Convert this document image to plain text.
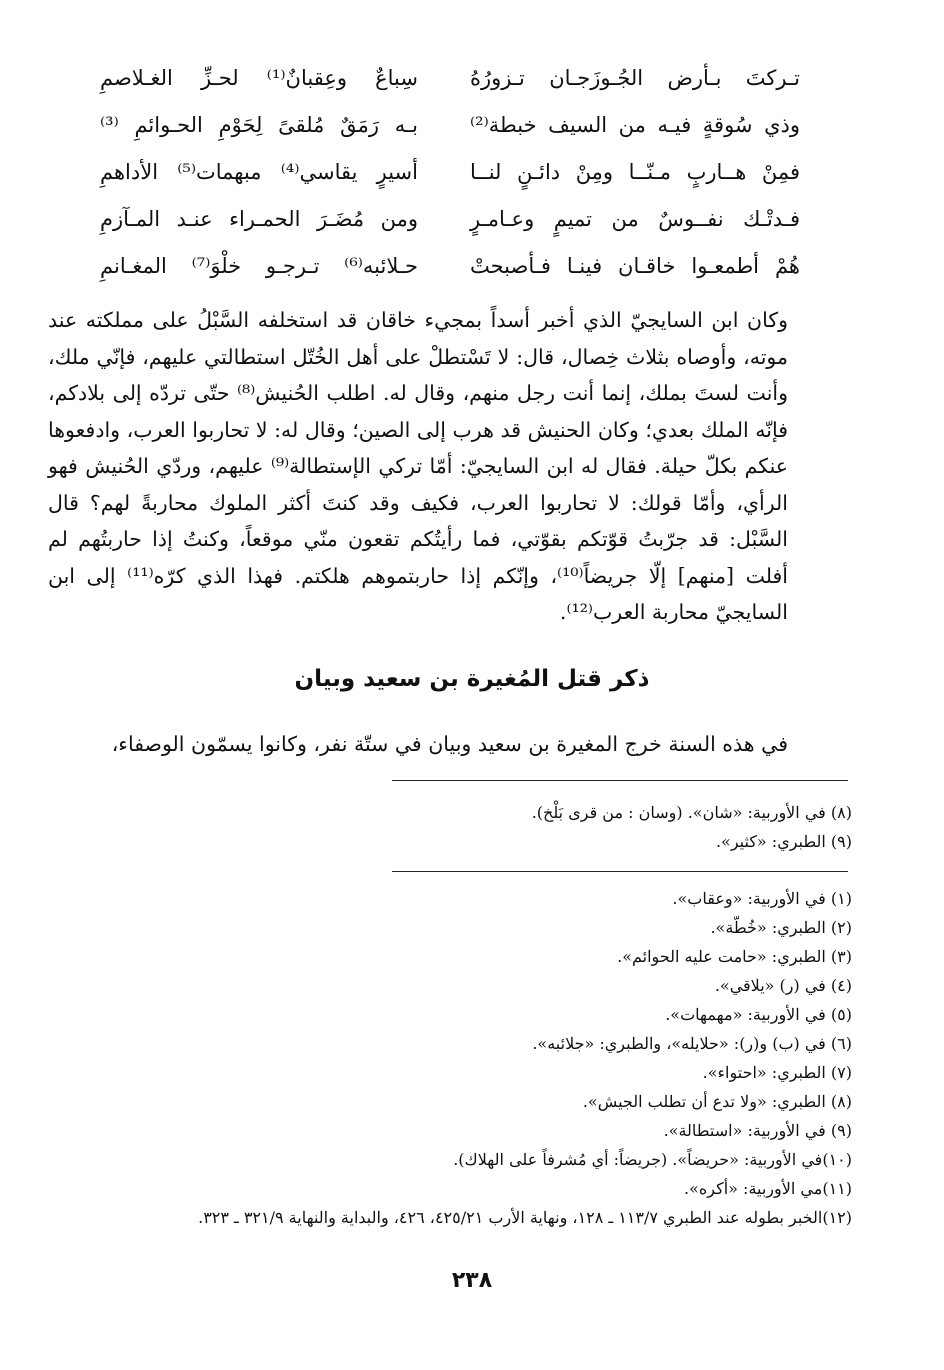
تـركتَ بـأرض الجُـوزَجـان تـزورُهُ
سِباعٌ وعِقبانٌ⁽¹⁾ لحـزِّ الغـلاصمِ
وذي سُوقةٍ فيـه من السيف خبطة⁽²⁾
بـه رَمَقٌ مُلقىً لِحَوْمِ الحـوائمِ ⁽³⁾
فمِنْ هــاربٍ مـنّــا ومِنْ دائـنٍ لنــا
أسيرٍ يقاسي⁽⁴⁾ مبهمات⁽⁵⁾ الأداهمِ
فـدتْـك نفــوسٌ من تميمٍ وعـامـرٍ
ومن مُضَـرَ الحمـراء عنـد المـآزمِ
هُمْ أطمعـوا خاقـان فينـا فـأصبحتْ
حـلائبه⁽⁶⁾ تـرجـو خلْوَ⁽⁷⁾ المغـانمِ

وكان ابن السايجيّ الذي أخبر أسداً بمجيء خاقان قد استخلفه السَّبْلُ على مملكته عند موته، وأوصاه بثلاث خِصال، قال: لا تَسْتطلْ على أهل الخُتّل استطالتي عليهم، فإنّي ملك، وأنت لستَ بملك، إنما أنت رجل منهم، وقال له. اطلب الحُنيش⁽⁸⁾ حتّى تردّه إلى بلادكم، فإنّه الملك بعدي؛ وكان الحنيش قد هرب إلى الصين؛ وقال له: لا تحاربوا العرب، وادفعوها عنكم بكلّ حيلة. فقال له ابن السايجيّ: أمّا تركي الإستطالة⁽⁹⁾ عليهم، وردّي الحُنيش فهو الرأي، وأمّا قولك: لا تحاربوا العرب، فكيف وقد كنتَ أكثر الملوك محاربةً لهم؟ قال السَّبْل: قد جرّبتُ قوّتكم بقوّتي، فما رأيتُكم تقعون منّي موقعاً، وكنتُ إذا حاربتُهم لم أفلت [منهم] إلّا جريضاً⁽¹⁰⁾، وإنّكم إذا حاربتموهم هلكتم. فهذا الذي كرّه⁽¹¹⁾ إلى ابن السايجيّ محاربة العرب⁽¹²⁾.

ذكر قتل المُغيرة بن سعيد وبيان

في هذه السنة خرج المغيرة بن سعيد وبيان في ستّة نفر، وكانوا يسمّون الوصفاء،

(٨) في الأوربية: «شان». (وسان : من قرى بَلْخ).
(٩) الطبري: «كثير».
(١) في الأوربية: «وعقاب».
(٢) الطبري: «خُطّة».
(٣) الطبري: «حامت عليه الحوائم».
(٤) في (ر) «يلاقي».
(٥) في الأوربية: «مهمهات».
(٦) في (ب) و(ر): «حلايله»، والطبري: «جلائبه».
(٧) الطبري: «احتواء».
(٨) الطبري: «ولا تدع أن تطلب الجيش».
(٩) في الأوربية: «استطالة».
(١٠)في الأوربية: «حريضاً». (جريضاً: أي مُشرفاً على الهلاك).
(١١)مي الأوربية: «أكره».
(١٢)الخبر بطوله عند الطبري ١١٣/٧ ـ ١٢٨، ونهاية الأرب ٤٢٥/٢١، ٤٢٦، والبداية والنهاية ٣٢١/٩ ـ ٣٢٣.
٢٣٨
